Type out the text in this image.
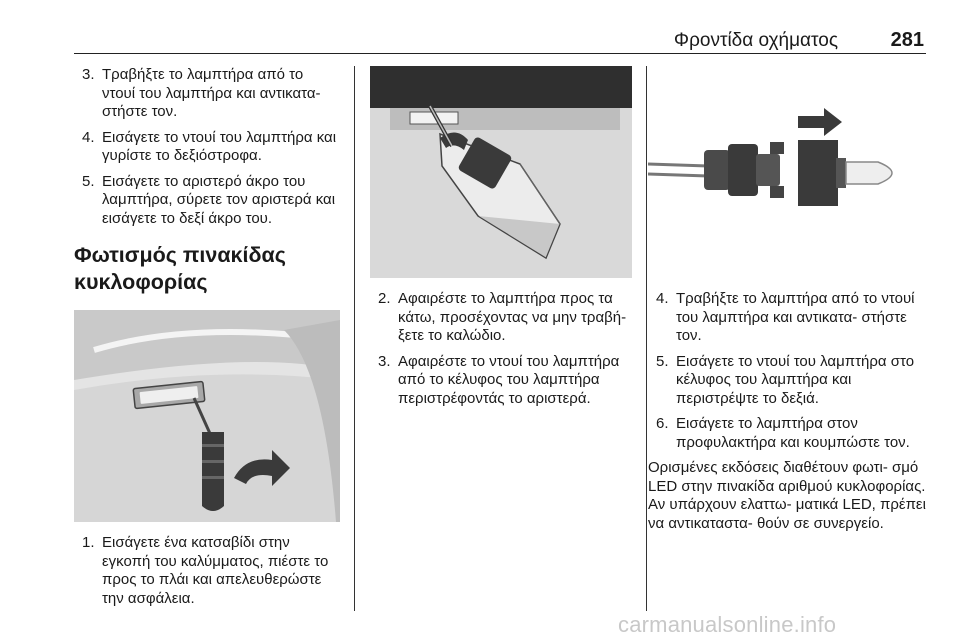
Φροντίδα οχήματος	281
3. Τραβήξτε το λαμπτήρα από το ντουί του λαμπτήρα και αντικατα‐ στήστε τον.
4. Εισάγετε το ντουί του λαμπτήρα και γυρίστε το δεξιόστροφα.
5. Εισάγετε το αριστερό άκρο του λαμπτήρα, σύρετε τον αριστερά και εισάγετε το δεξί άκρο του.
Φωτισμός πινακίδας κυκλοφορίας
1. Εισάγετε ένα κατσαβίδι στην εγκοπή του καλύμματος, πιέστε το προς το πλάι και απελευθερώστε την ασφάλεια.
2. Αφαιρέστε το λαμπτήρα προς τα κάτω, προσέχοντας να μην τραβή‐ ξετε το καλώδιο.
3. Αφαιρέστε το ντουί του λαμπτήρα από το κέλυφος του λαμπτήρα περιστρέφοντάς το αριστερά.
4. Τραβήξτε το λαμπτήρα από το ντουί του λαμπτήρα και αντικατα‐ στήστε τον.
5. Εισάγετε το ντουί του λαμπτήρα στο κέλυφος του λαμπτήρα και περιστρέψτε το δεξιά.
6. Εισάγετε το λαμπτήρα στον προφυλακτήρα και κουμπώστε τον.

Ορισμένες εκδόσεις διαθέτουν φωτι‐ σμό LED στην πινακίδα αριθμού κυκλοφορίας. Αν υπάρχουν ελαττω‐ ματικά LED, πρέπει να αντικαταστα‐ θούν σε συνεργείο.

carmanualsonline.info
